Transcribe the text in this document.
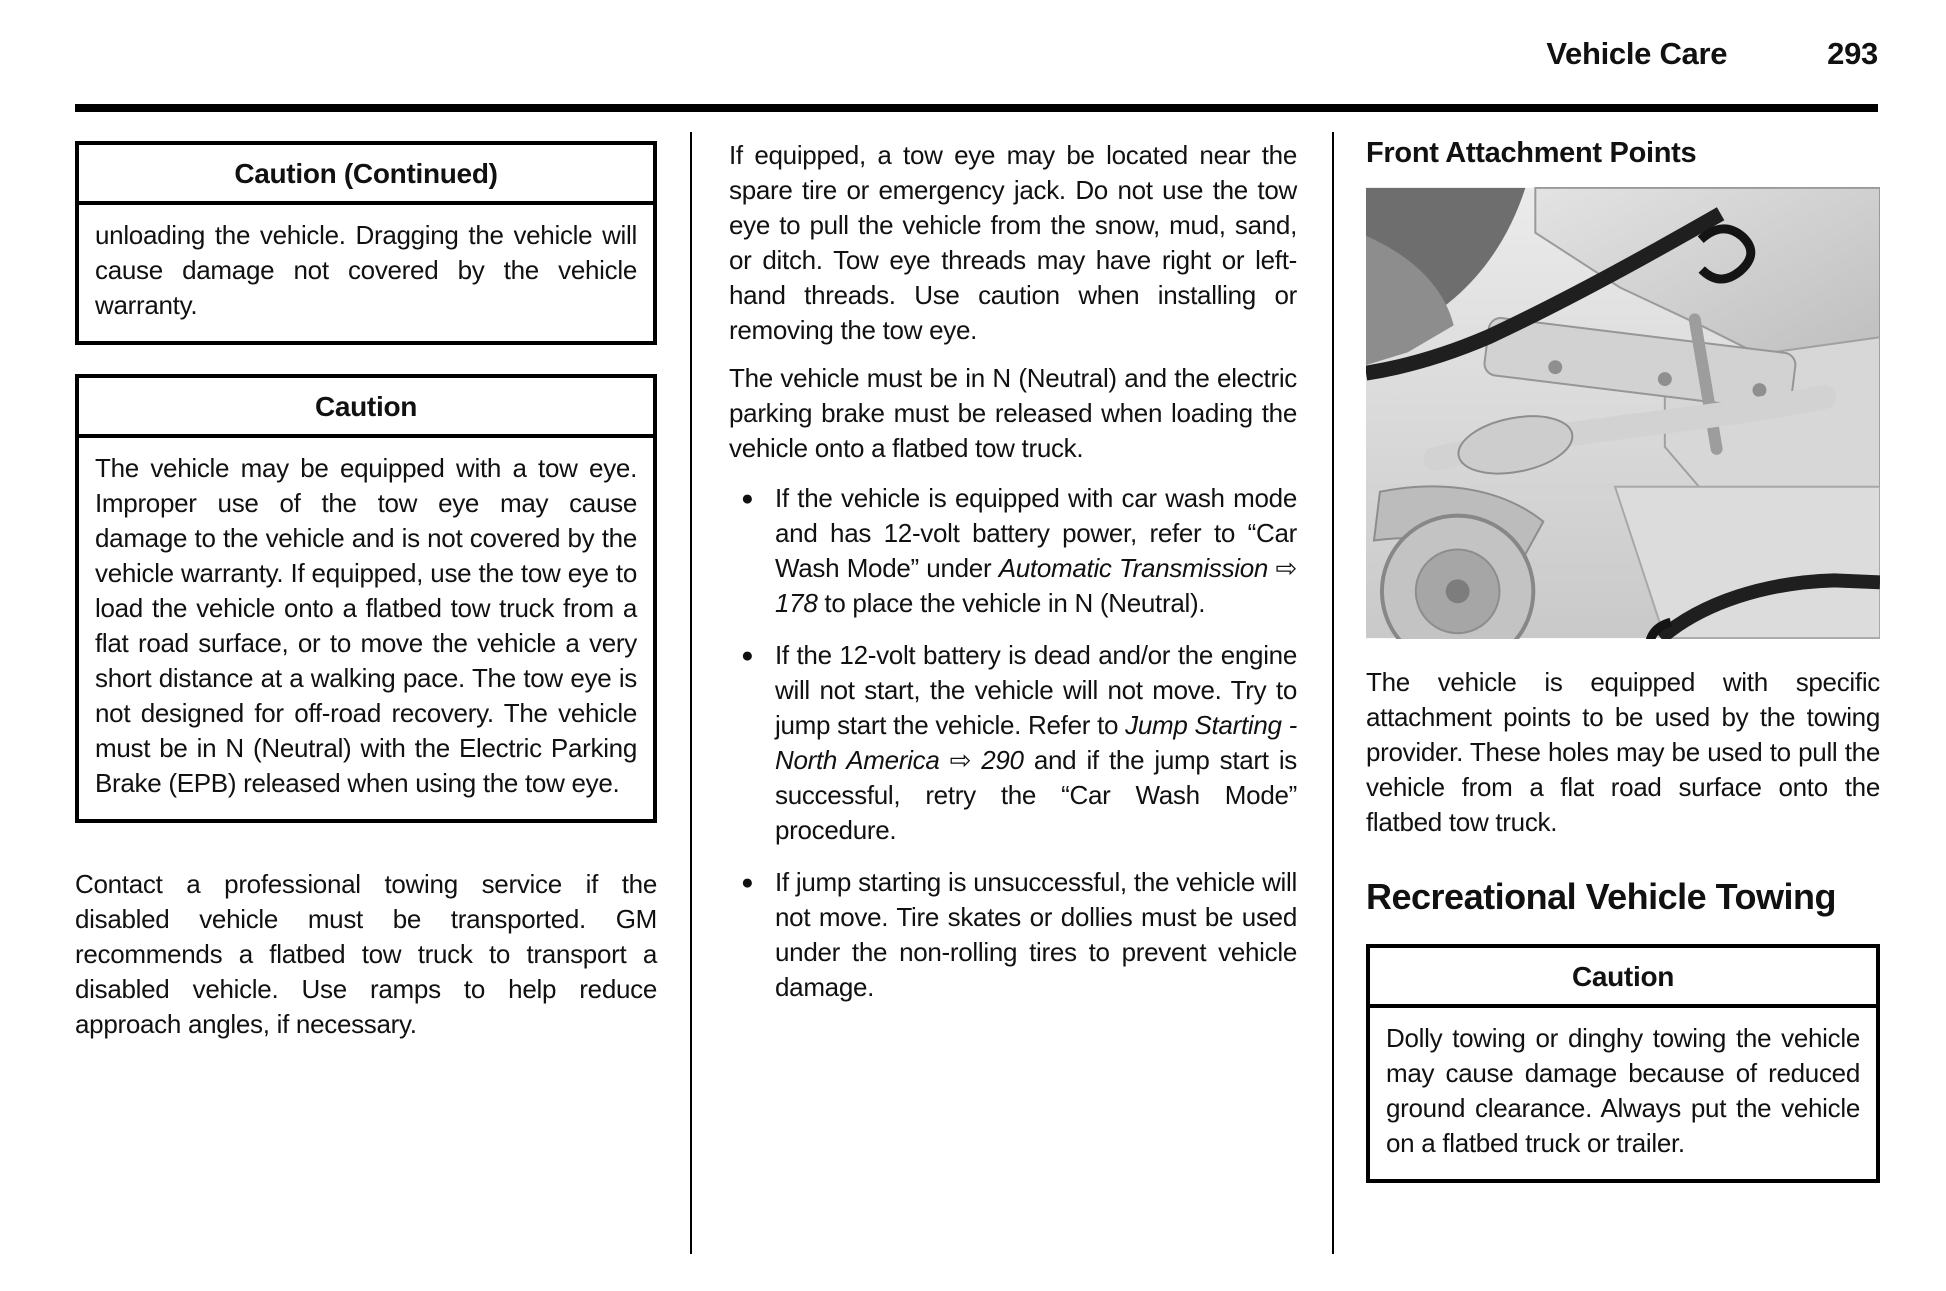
Vehicle Care	293
Caution (Continued)
unloading the vehicle. Dragging the vehicle will cause damage not covered by the vehicle warranty.
Caution
The vehicle may be equipped with a tow eye. Improper use of the tow eye may cause damage to the vehicle and is not covered by the vehicle warranty. If equipped, use the tow eye to load the vehicle onto a flatbed tow truck from a flat road surface, or to move the vehicle a very short distance at a walking pace. The tow eye is not designed for off-road recovery. The vehicle must be in N (Neutral) with the Electric Parking Brake (EPB) released when using the tow eye.

Contact a professional towing service if the disabled vehicle must be transported. GM recommends a flatbed tow truck to transport a disabled vehicle. Use ramps to help reduce approach angles, if necessary.

If equipped, a tow eye may be located near the spare tire or emergency jack. Do not use the tow eye to pull the vehicle from the snow, mud, sand, or ditch. Tow eye threads may have right or left-hand threads. Use caution when installing or removing the tow eye.

The vehicle must be in N (Neutral) and the electric parking brake must be released when loading the vehicle onto a flatbed tow truck.

● If the vehicle is equipped with car wash mode and has 12-volt battery power, refer to “Car Wash Mode” under Automatic Transmission ⇨ 178 to place the vehicle in N (Neutral).
● If the 12-volt battery is dead and/or the engine will not start, the vehicle will not move. Try to jump start the vehicle. Refer to Jump Starting - North America ⇨ 290 and if the jump start is successful, retry the “Car Wash Mode” procedure.
● If jump starting is unsuccessful, the vehicle will not move. Tire skates or dollies must be used under the non-rolling tires to prevent vehicle damage.
Front Attachment Points

The vehicle is equipped with specific attachment points to be used by the towing provider. These holes may be used to pull the vehicle from a flat road surface onto the flatbed tow truck.

Recreational Vehicle Towing
Caution
Dolly towing or dinghy towing the vehicle may cause damage because of reduced ground clearance. Always put the vehicle on a flatbed truck or trailer.
